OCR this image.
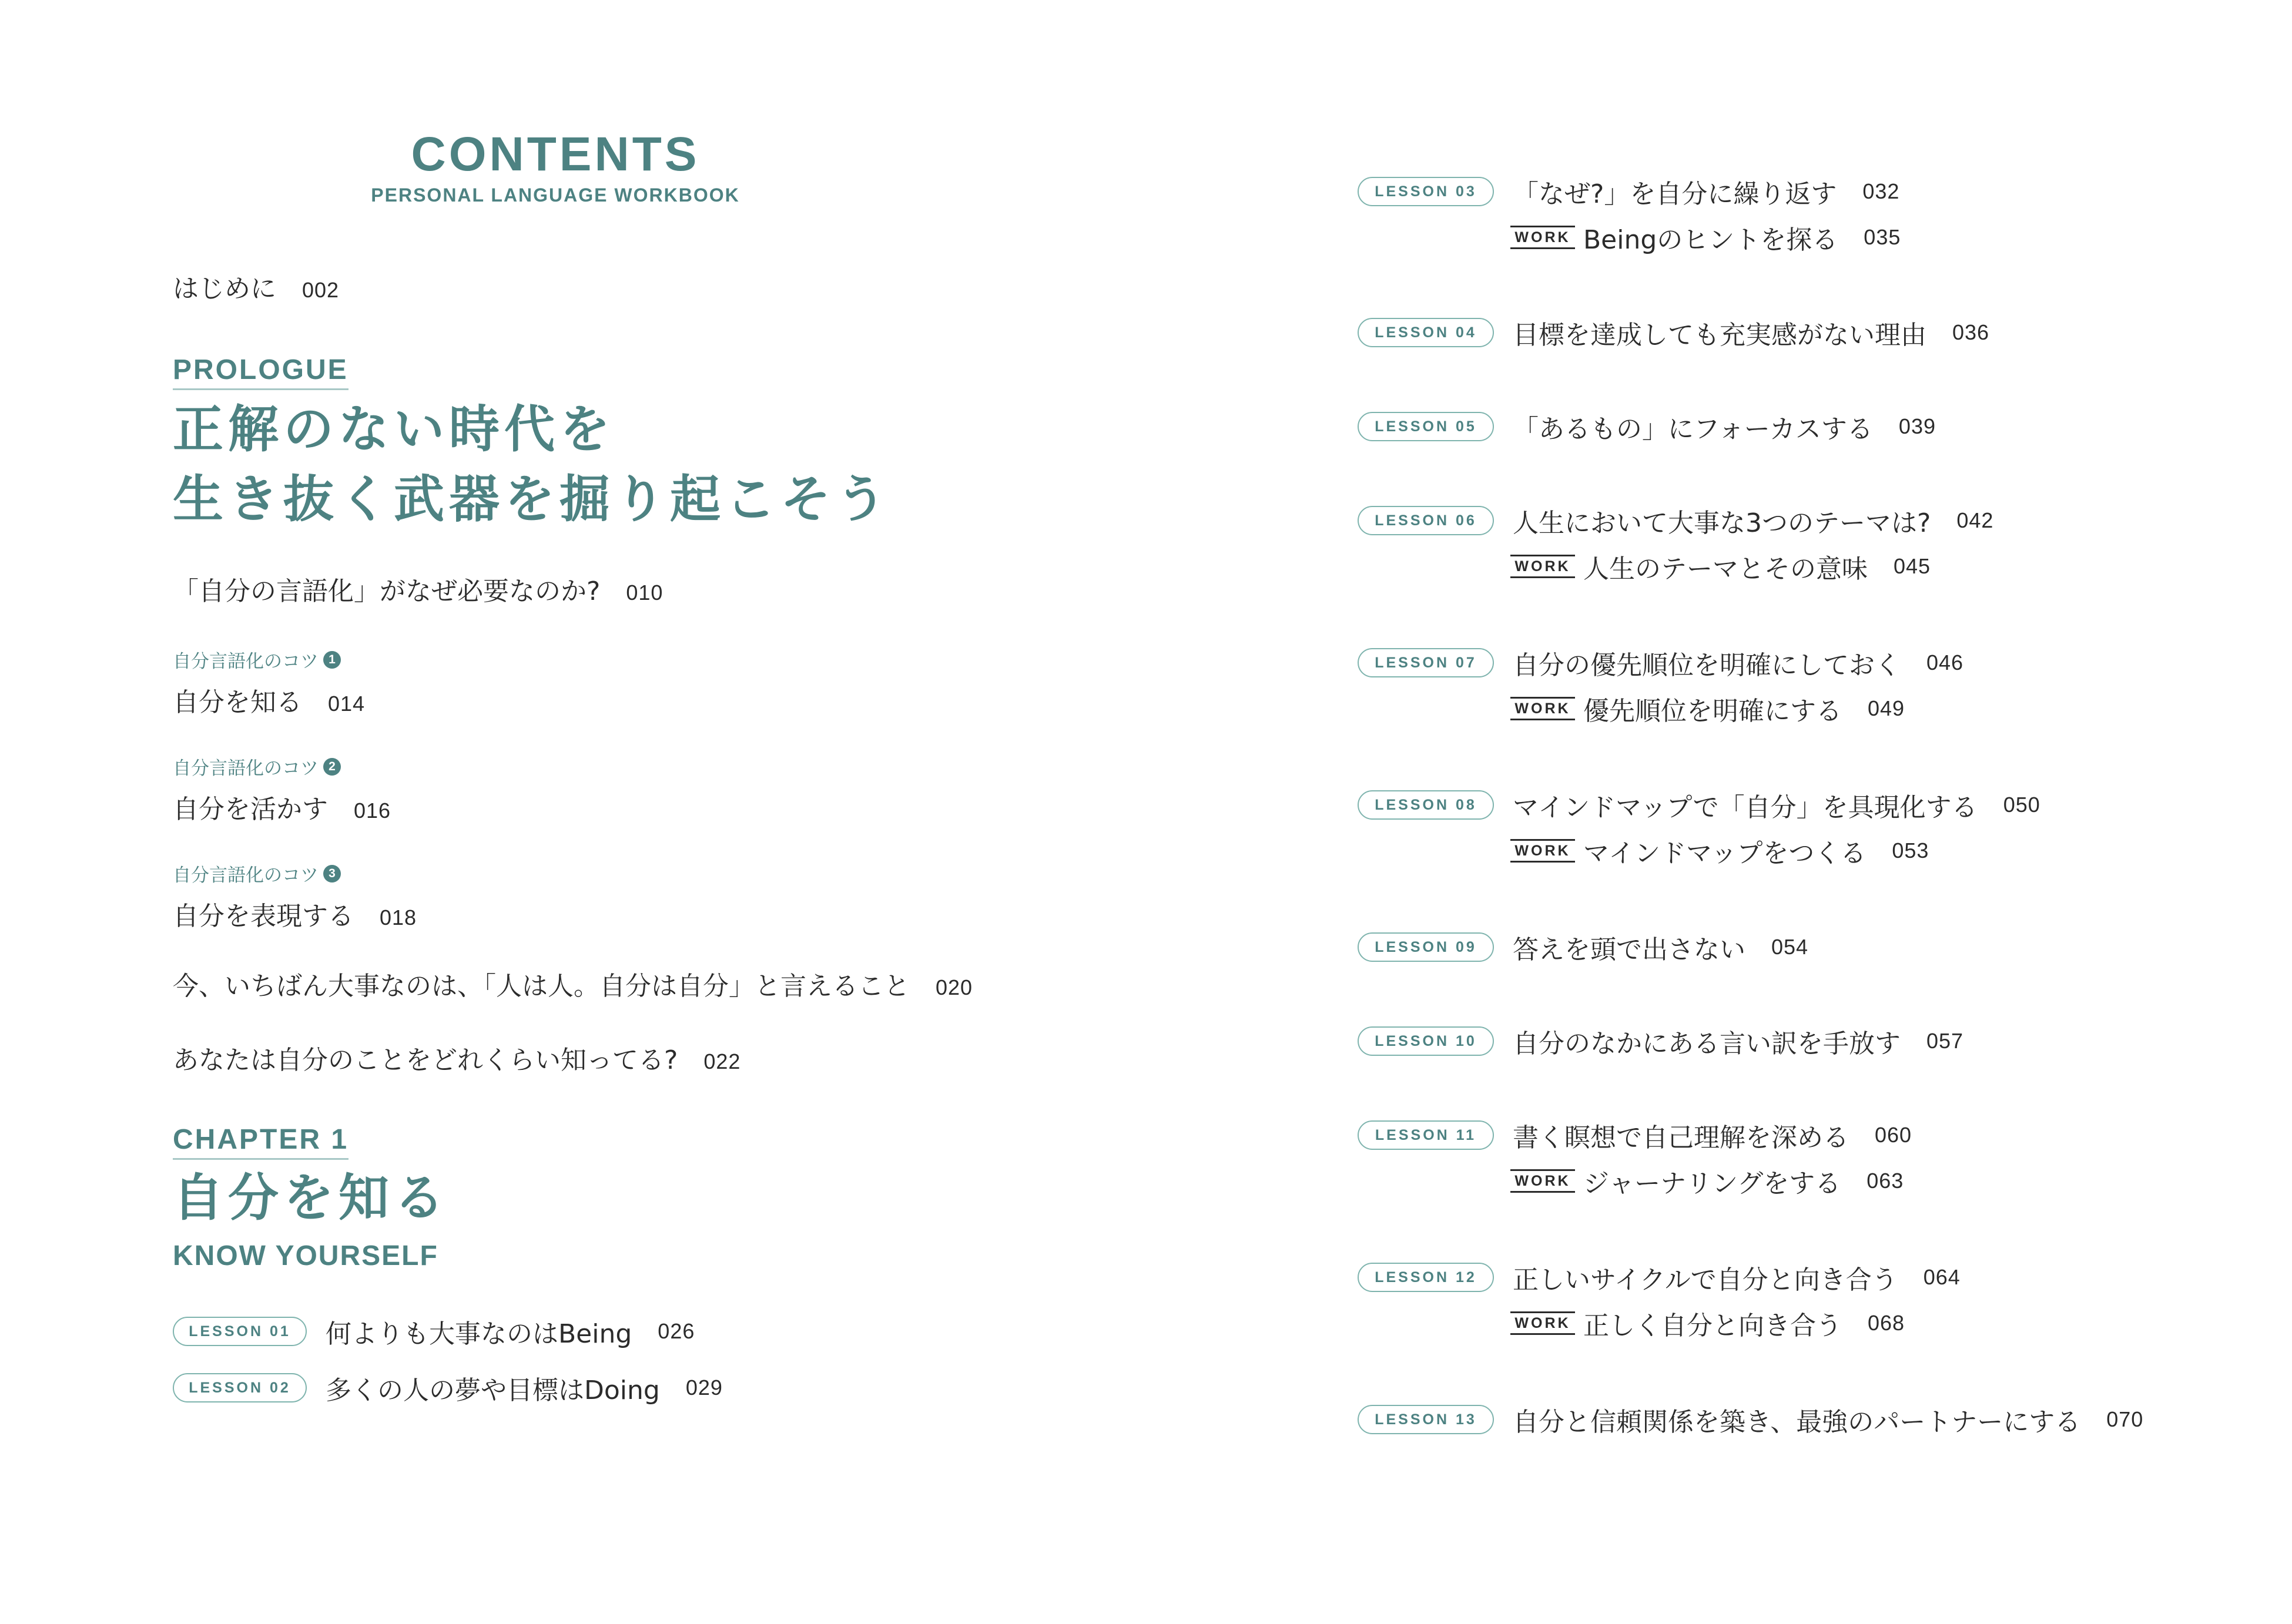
CONTENTS
PERSONAL LANGUAGE WORKBOOK
はじめに 002
PROLOGUE
正解のない時代を
生き抜く武器を掘り起こそう
「自分の言語化」がなぜ必要なのか? 010
自分言語化のコツ 1
自分を知る 014
自分言語化のコツ 2
自分を活かす 016
自分言語化のコツ 3
自分を表現する 018
今、いちばん大事なのは、「人は人。自分は自分」と言えること 020
あなたは自分のことをどれくらい知ってる? 022
CHAPTER 1
自分を知る
KNOW YOURSELF
LESSON 01	何よりも大事なのはBeing 026
LESSON 02	多くの人の夢や目標はDoing 029
LESSON 03	「なぜ?」を自分に繰り返す 032
WORK Beingのヒントを探る 035
LESSON 04	目標を達成しても充実感がない理由 036
LESSON 05	「あるもの」にフォーカスする 039
LESSON 06	人生において大事な3つのテーマは? 042
WORK 人生のテーマとその意味 045
LESSON 07	自分の優先順位を明確にしておく 046
WORK 優先順位を明確にする 049
LESSON 08	マインドマップで「自分」を具現化する 050
WORK マインドマップをつくる 053
LESSON 09	答えを頭で出さない 054
LESSON 10	自分のなかにある言い訳を手放す 057
LESSON 11	書く瞑想で自己理解を深める 060
WORK ジャーナリングをする 063
LESSON 12	正しいサイクルで自分と向き合う 064
WORK 正しく自分と向き合う 068
LESSON 13	自分と信頼関係を築き、最強のパートナーにする 070
